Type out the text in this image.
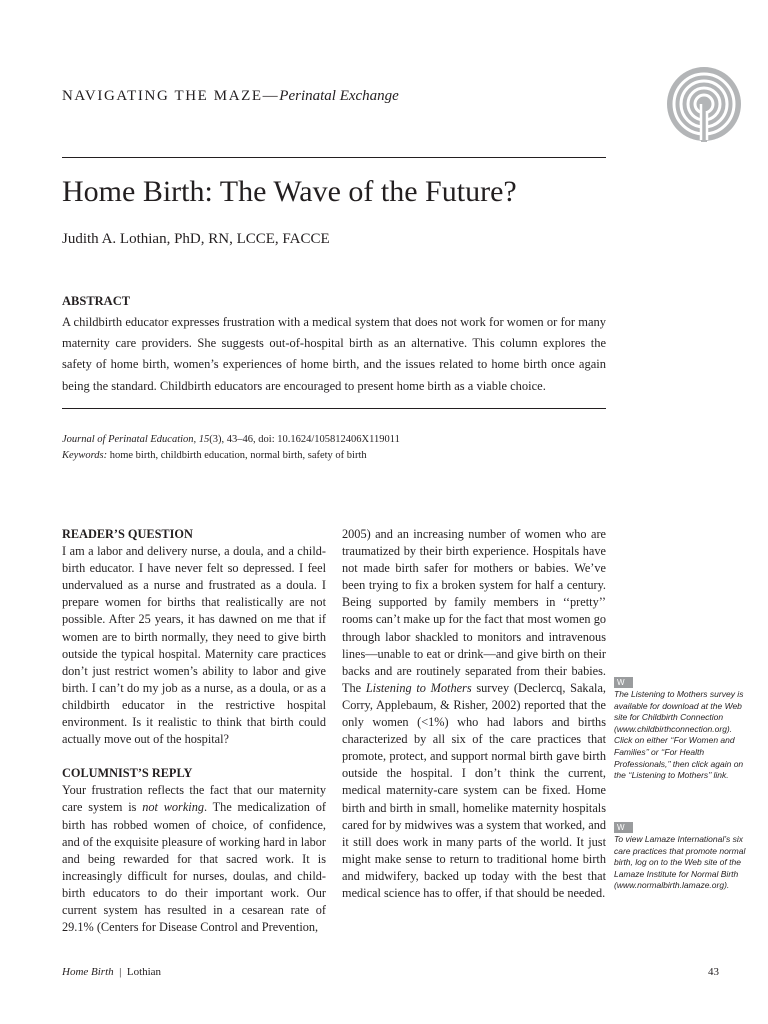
NAVIGATING THE MAZE—Perinatal Exchange
Home Birth: The Wave of the Future?
Judith A. Lothian, PhD, RN, LCCE, FACCE
ABSTRACT
A childbirth educator expresses frustration with a medical system that does not work for women or for many maternity care providers. She suggests out-of-hospital birth as an alternative. This column explores the safety of home birth, women’s experiences of home birth, and the issues related to home birth once again being the standard. Childbirth educators are encouraged to present home birth as a viable choice.
Journal of Perinatal Education, 15(3), 43–46, doi: 10.1624/105812406X119011
Keywords: home birth, childbirth education, normal birth, safety of birth

READER’S QUESTION

I am a labor and delivery nurse, a doula, and a child-birth educator. I have never felt so depressed. I feel undervalued as a nurse and frustrated as a doula. I prepare women for births that realistically are not possible. After 25 years, it has dawned on me that if women are to birth normally, they need to give birth outside the typical hospital. Maternity care practices don’t just restrict women’s ability to labor and give birth. I can’t do my job as a nurse, as a doula, or as a childbirth educator in the restrictive hospital environment. Is it realistic to think that birth could actually move out of the hospital?

COLUMNIST’S REPLY

Your frustration reflects the fact that our maternity care system is not working. The medicalization of birth has robbed women of choice, of confidence, and of the exquisite pleasure of working hard in labor and being rewarded for that sacred work. It is increasingly difficult for nurses, doulas, and child-birth educators to do their important work. Our current system has resulted in a cesarean rate of 29.1% (Centers for Disease Control and Prevention,

2005) and an increasing number of women who are traumatized by their birth experience. Hospitals have not made birth safer for mothers or babies. We’ve been trying to fix a broken system for half a century. Being supported by family members in ‘‘pretty’’ rooms can’t make up for the fact that most women go through labor shackled to monitors and intravenous lines—unable to eat or drink—and give birth on their backs and are routinely separated from their babies. The Listening to Mothers survey (Declercq, Sakala, Corry, Applebaum, & Risher, 2002) reported that the only women (<1%) who had labors and births characterized by all six of the care practices that promote, protect, and support normal birth gave birth outside the hospital. I don’t think the current, medical maternity-care system can be fixed. Home birth and birth in small, homelike maternity hospitals cared for by midwives was a system that worked, and it still does work in many parts of the world. It just might make sense to return to traditional home birth and midwifery, backed up today with the best that medical science has to offer, if that should be needed.

W
The Listening to Mothers survey is available for download at the Web site for Childbirth Connection (www.childbirthconnection.org). Click on either ‘‘For Women and Families’’ or ‘‘For Health Professionals,’’ then click again on the ‘‘Listening to Mothers’’ link.
W
To view Lamaze International’s six care practices that promote normal birth, log on to the Web site of the Lamaze Institute for Normal Birth (www.normalbirth.lamaze.org).
Home Birth | Lothian	43
